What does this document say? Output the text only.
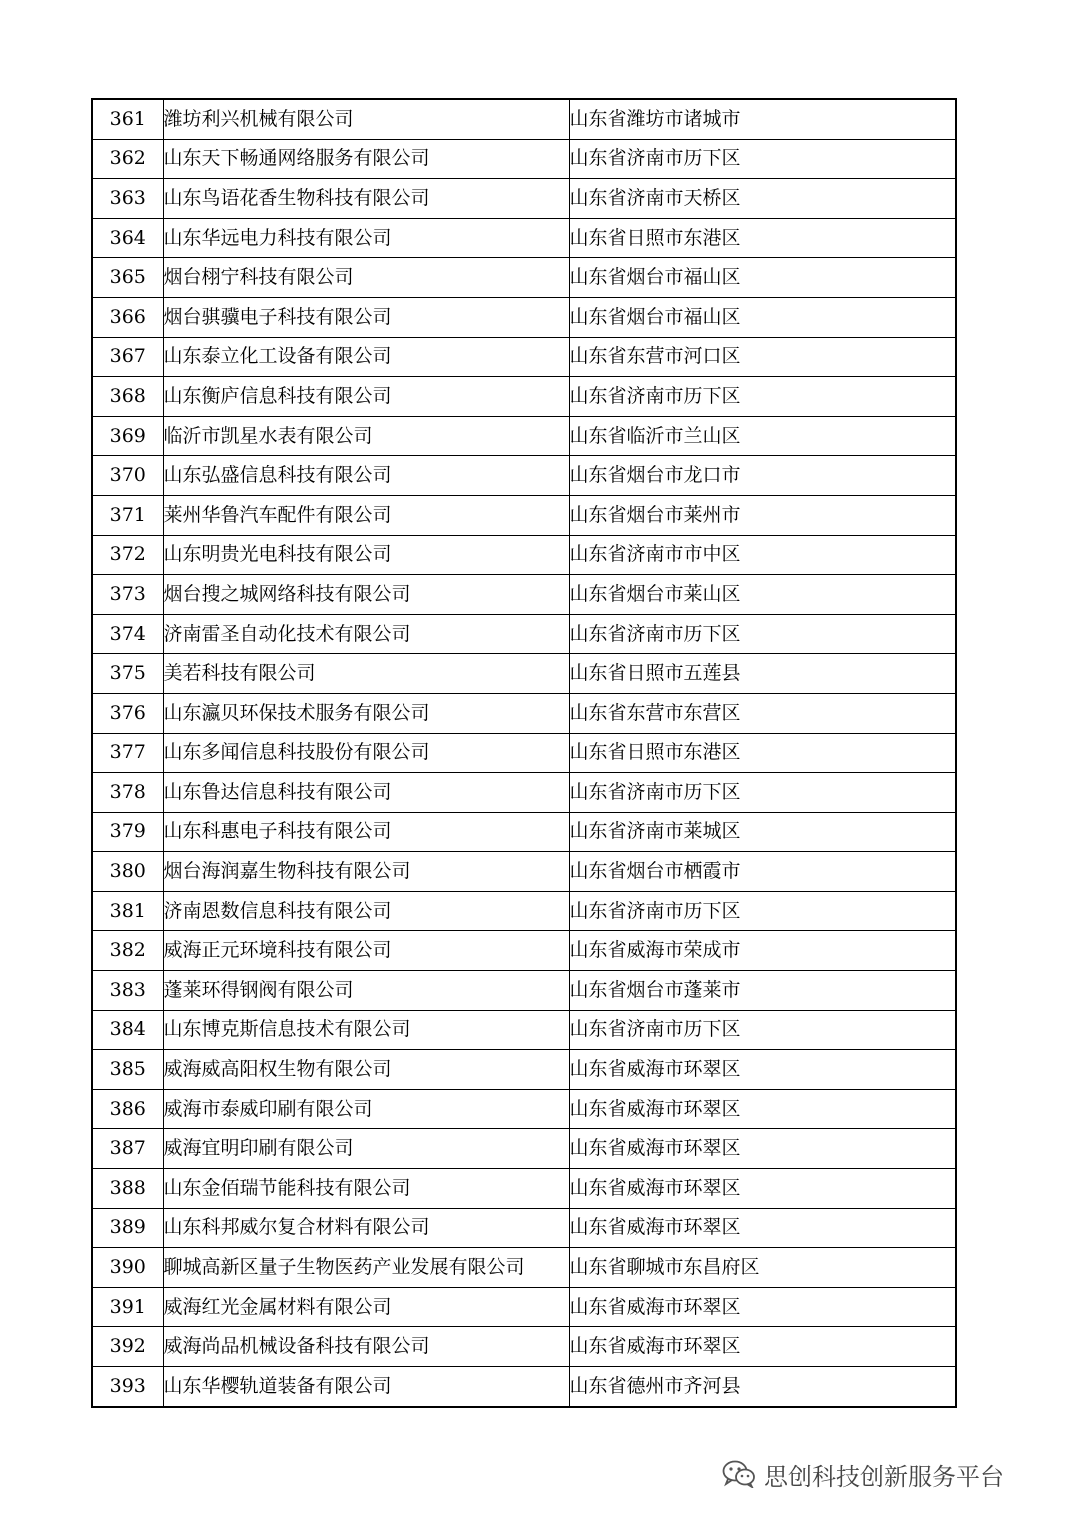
361	潍坊利兴机械有限公司	山东省潍坊市诸城市
362	山东天下畅通网络服务有限公司	山东省济南市历下区
363	山东鸟语花香生物科技有限公司	山东省济南市天桥区
364	山东华远电力科技有限公司	山东省日照市东港区
365	烟台栩宁科技有限公司	山东省烟台市福山区
366	烟台骐骥电子科技有限公司	山东省烟台市福山区
367	山东泰立化工设备有限公司	山东省东营市河口区
368	山东衡庐信息科技有限公司	山东省济南市历下区
369	临沂市凯星水表有限公司	山东省临沂市兰山区
370	山东弘盛信息科技有限公司	山东省烟台市龙口市
371	莱州华鲁汽车配件有限公司	山东省烟台市莱州市
372	山东明贵光电科技有限公司	山东省济南市市中区
373	烟台搜之城网络科技有限公司	山东省烟台市莱山区
374	济南雷圣自动化技术有限公司	山东省济南市历下区
375	美若科技有限公司	山东省日照市五莲县
376	山东瀛贝环保技术服务有限公司	山东省东营市东营区
377	山东多闻信息科技股份有限公司	山东省日照市东港区
378	山东鲁达信息科技有限公司	山东省济南市历下区
379	山东科惠电子科技有限公司	山东省济南市莱城区
380	烟台海润嘉生物科技有限公司	山东省烟台市栖霞市
381	济南恩数信息科技有限公司	山东省济南市历下区
382	威海正元环境科技有限公司	山东省威海市荣成市
383	蓬莱环得钢阀有限公司	山东省烟台市蓬莱市
384	山东博克斯信息技术有限公司	山东省济南市历下区
385	威海威高阳权生物有限公司	山东省威海市环翠区
386	威海市泰威印刷有限公司	山东省威海市环翠区
387	威海宜明印刷有限公司	山东省威海市环翠区
388	山东金佰瑞节能科技有限公司	山东省威海市环翠区
389	山东科邦威尔复合材料有限公司	山东省威海市环翠区
390	聊城高新区量子生物医药产业发展有限公司	山东省聊城市东昌府区
391	威海红光金属材料有限公司	山东省威海市环翠区
392	威海尚品机械设备科技有限公司	山东省威海市环翠区
393	山东华樱轨道装备有限公司	山东省德州市齐河县
思创科技创新服务平台
